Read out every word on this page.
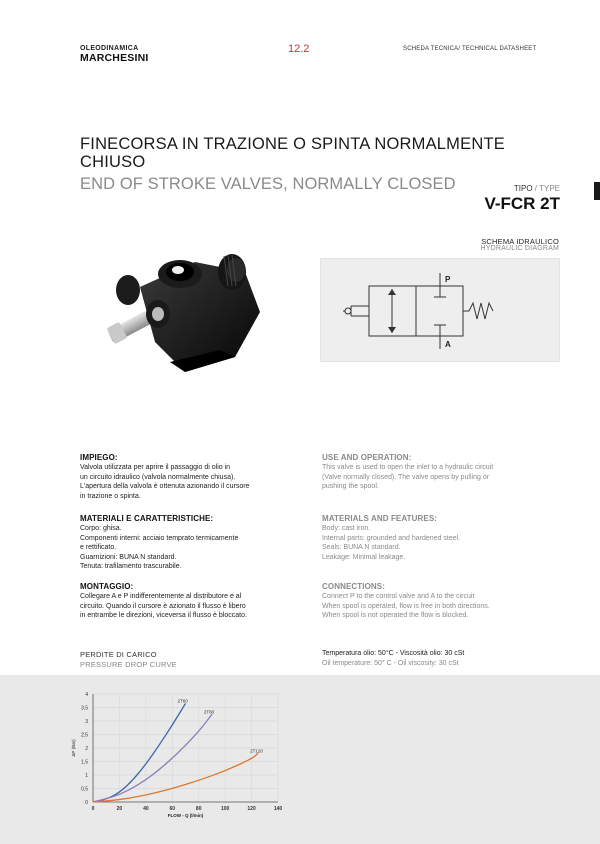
OLEODINAMICA
MARCHESINI
12.2	SCHEDA TECNICA/ TECHNICAL DATASHEET
FINECORSA IN TRAZIONE O SPINTA NORMALMENTE CHIUSO
END OF STROKE VALVES, NORMALLY CLOSED	TIPO / TYPE
V-FCR 2T
SCHEMA IDRAULICO
HYDRAULIC DIAGRAM
P
A
IMPIEGO:
Valvola utilizzata per aprire il passaggio di olio in
un circuito idraulico (valvola normalmente chiusa).
L'apertura della valvola è ottenuta azionando il cursore
in trazione o spinta.
MATERIALI E CARATTERISTICHE:
Corpo: ghisa.
Componenti interni: acciaio temprato termicamente
e rettificato.
Guarnizioni: BUNA N standard.
Tenuta: trafilamento trascurabile.
MONTAGGIO:
Collegare A e P indifferentemente al distributore e al
circuito. Quando il cursore è azionato il flusso è libero
in entrambe le direzioni, viceversa il flusso è bloccato.
USE AND OPERATION:
This valve is used to open the inlet to a hydraulic circuit
(Valve normally closed). The valve opens by pulling or
pushing the spool.
MATERIALS AND FEATURES:
Body: cast iron.
Internal parts: grounded and hardened steel.
Seals: BUNA N standard.
Leakage: Minimal leakage.
CONNECTIONS:
Connect P to the control valve and A to the circuit
When spool is operated, flow is free in both directions.
When spool is not operated the flow is blocked.
PERDITE DI CARICO
PRESSURE DROP CURVE
Temperatura olio: 50°C - Viscosità olio: 30 cSt
Oil temperature: 50° C - Oil viscosity: 30 cSt
0
0,5
1
1,5
2
2,5
3
3,5
4
0	20	40	60	80	100	120	140
FLOW - Q (l/min)
ΔP (Bar)
2T60
2T80
2T120
